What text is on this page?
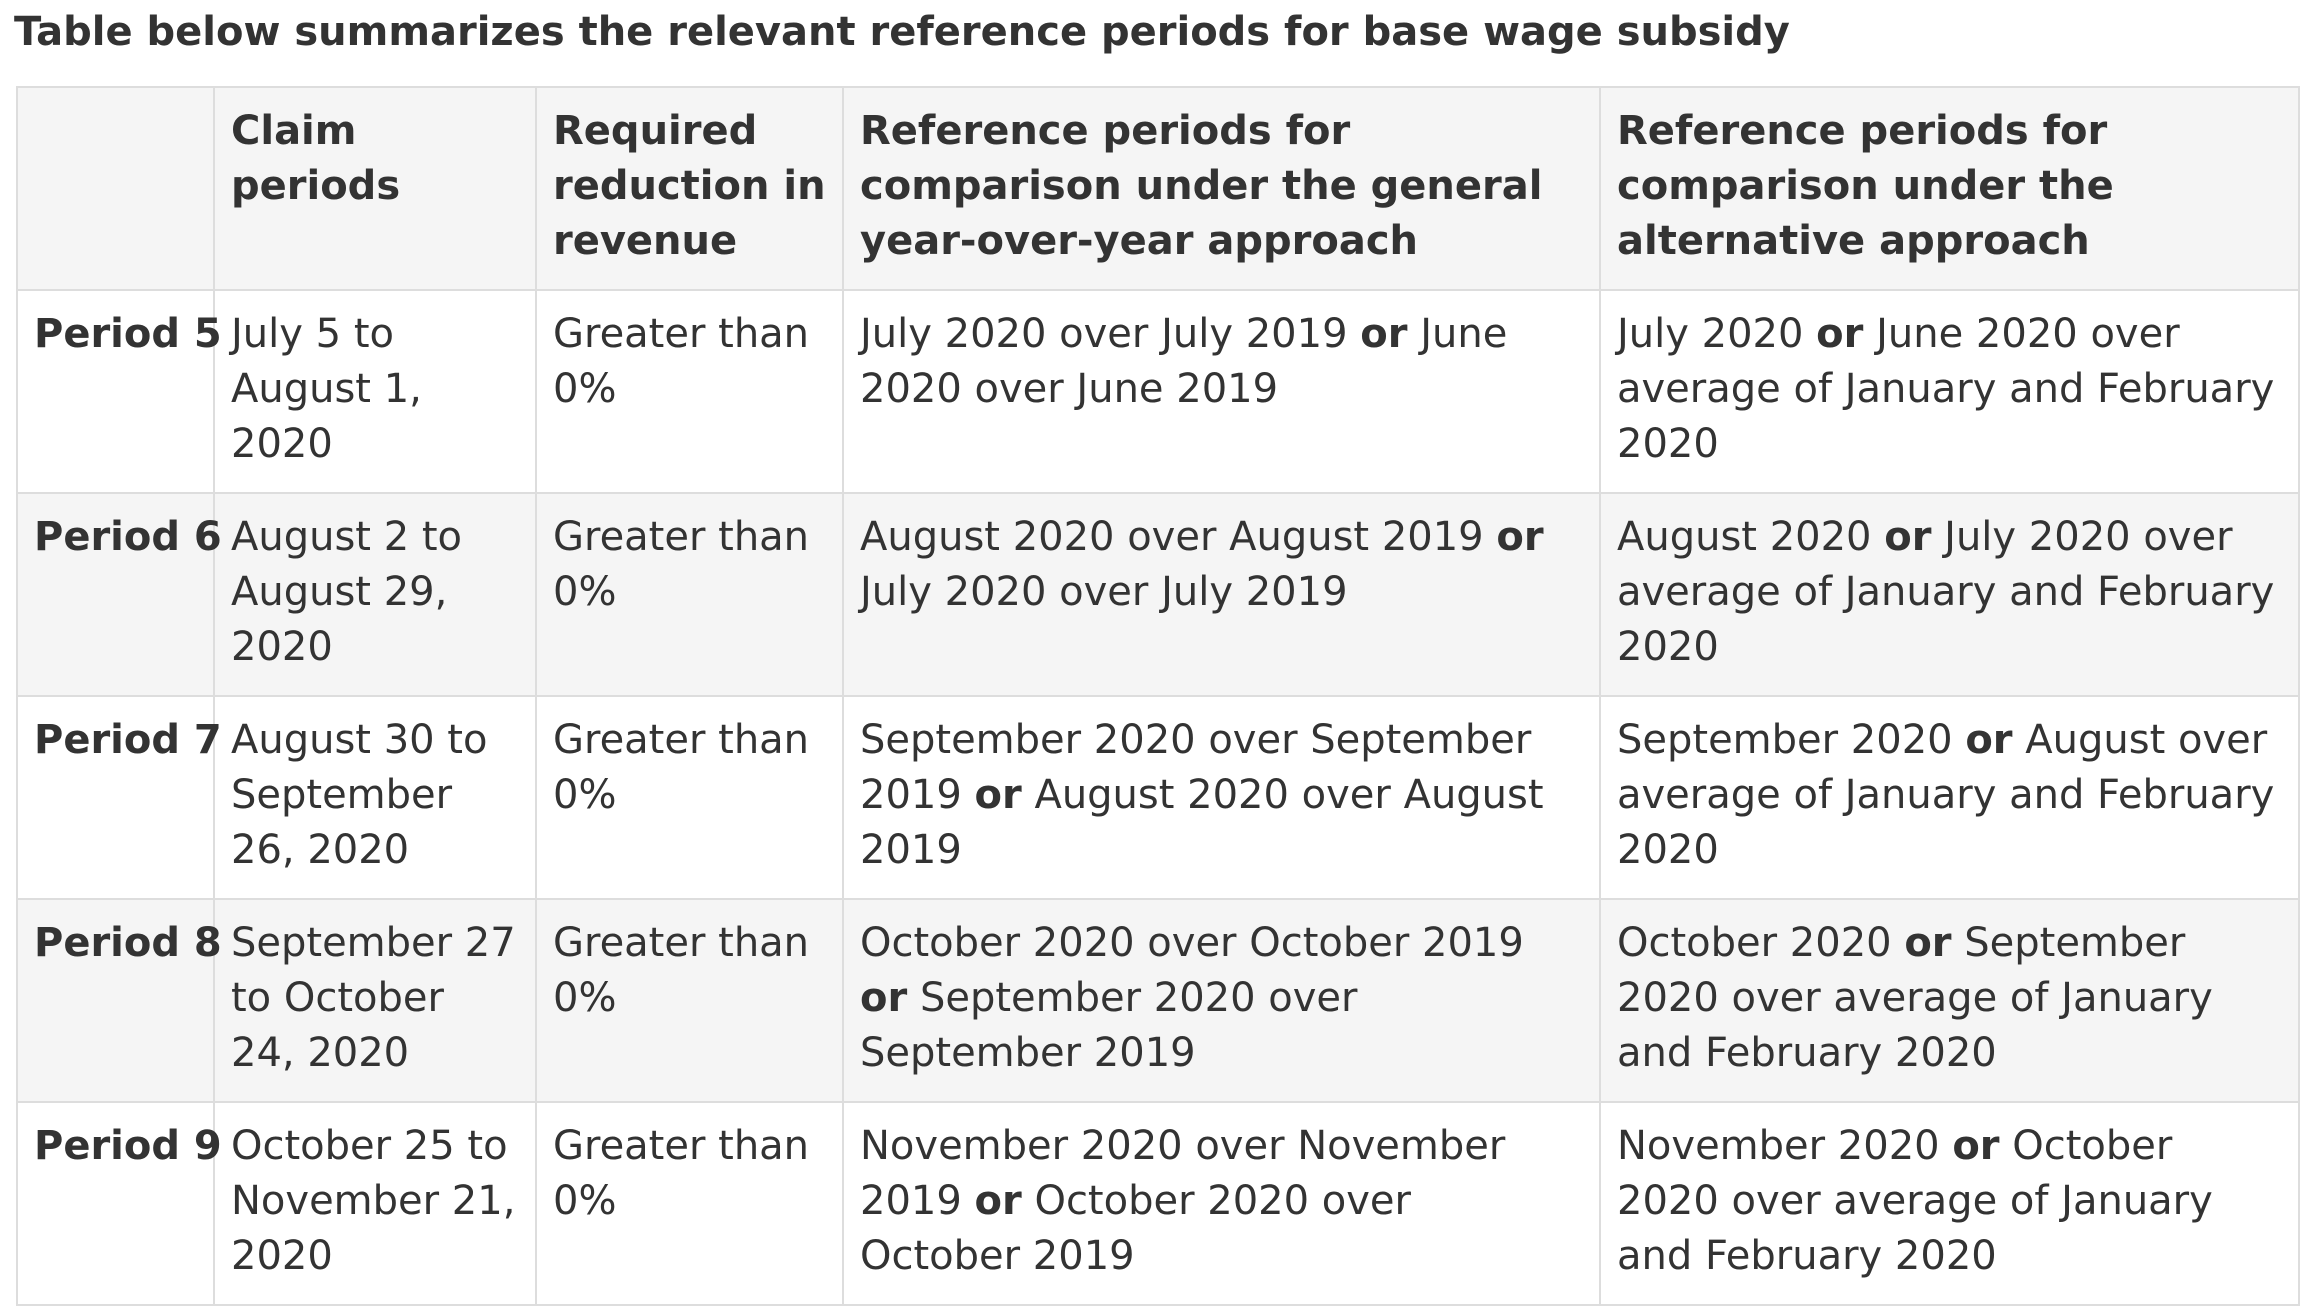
Table below summarizes the relevant reference periods for base wage subsidy
	Claim periods	Required reduction in revenue	Reference periods for comparison under the general year-over-year approach	Reference periods for comparison under the alternative approach
Period 5	July 5 to August 1, 2020	Greater than 0%	July 2020 over July 2019 or June 2020 over June 2019	July 2020 or June 2020 over average of January and February 2020
Period 6	August 2 to August 29, 2020	Greater than 0%	August 2020 over August 2019 or July 2020 over July 2019	August 2020 or July 2020 over average of January and February 2020
Period 7	August 30 to September 26, 2020	Greater than 0%	September 2020 over September 2019 or August 2020 over August 2019	September 2020 or August over average of January and February 2020
Period 8	September 27 to October 24, 2020	Greater than 0%	October 2020 over October 2019 or September 2020 over September 2019	October 2020 or September 2020 over average of January and February 2020
Period 9	October 25 to November 21, 2020	Greater than 0%	November 2020 over November 2019 or October 2020 over October 2019	November 2020 or October 2020 over average of January and February 2020
